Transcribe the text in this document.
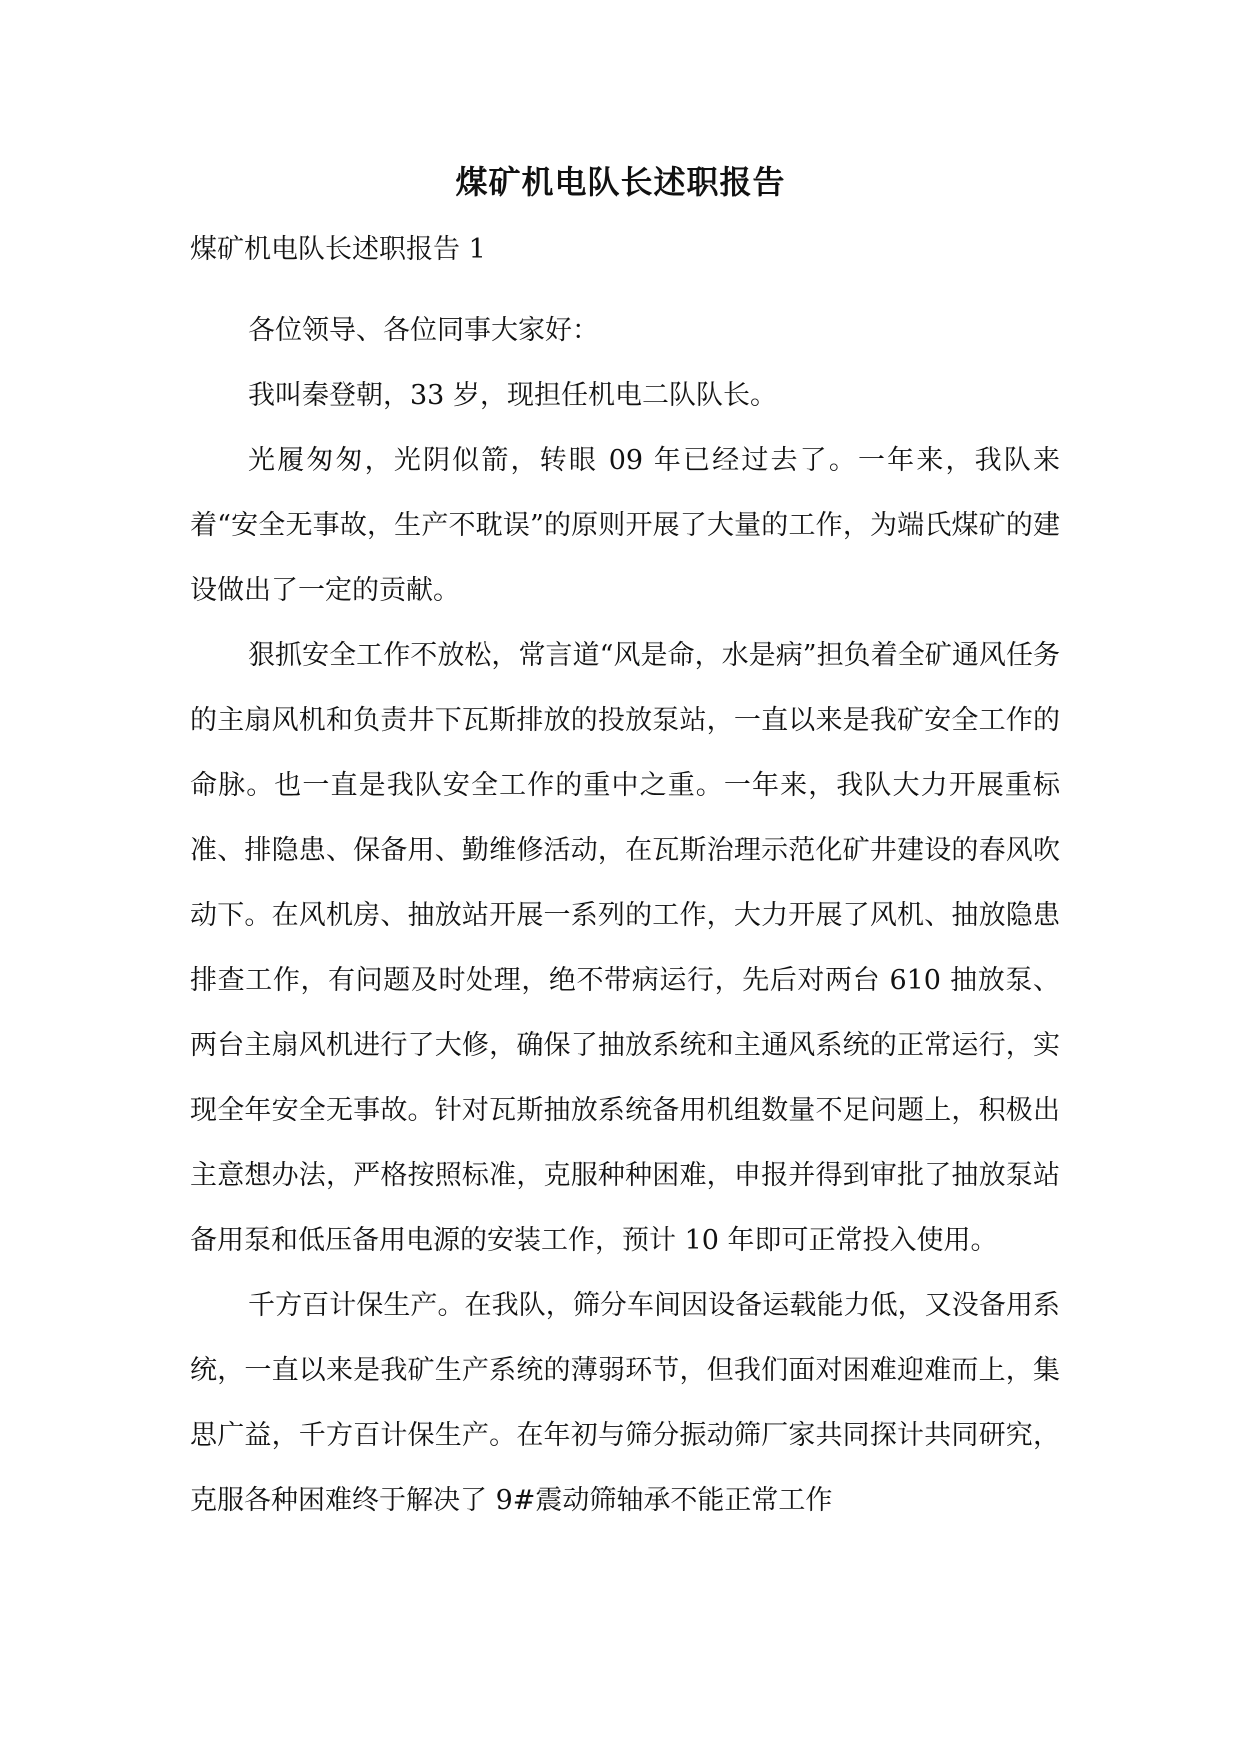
煤矿机电队长述职报告
煤矿机电队长述职报告 1

各位领导、各位同事大家好：

我叫秦登朝，33 岁，现担任机电二队队长。

光履匆匆，光阴似箭，转眼 09 年已经过去了。一年来，我队来着“安全无事故，生产不耽误”的原则开展了大量的工作，为端氏煤矿的建设做出了一定的贡献。

狠抓安全工作不放松，常言道“风是命，水是病”担负着全矿通风任务的主扇风机和负责井下瓦斯排放的投放泵站，一直以来是我矿安全工作的命脉。也一直是我队安全工作的重中之重。一年来，我队大力开展重标准、排隐患、保备用、勤维修活动，在瓦斯治理示范化矿井建设的春风吹动下。在风机房、抽放站开展一系列的工作，大力开展了风机、抽放隐患排查工作，有问题及时处理，绝不带病运行，先后对两台 610 抽放泵、两台主扇风机进行了大修，确保了抽放系统和主通风系统的正常运行，实现全年安全无事故。针对瓦斯抽放系统备用机组数量不足问题上，积极出主意想办法，严格按照标准，克服种种困难，申报并得到审批了抽放泵站备用泵和低压备用电源的安装工作，预计 10 年即可正常投入使用。

千方百计保生产。在我队，筛分车间因设备运载能力低，又没备用系统，一直以来是我矿生产系统的薄弱环节，但我们面对困难迎难而上，集思广益，千方百计保生产。在年初与筛分振动筛厂家共同探计共同研究，克服各种困难终于解决了 9#震动筛轴承不能正常工作
